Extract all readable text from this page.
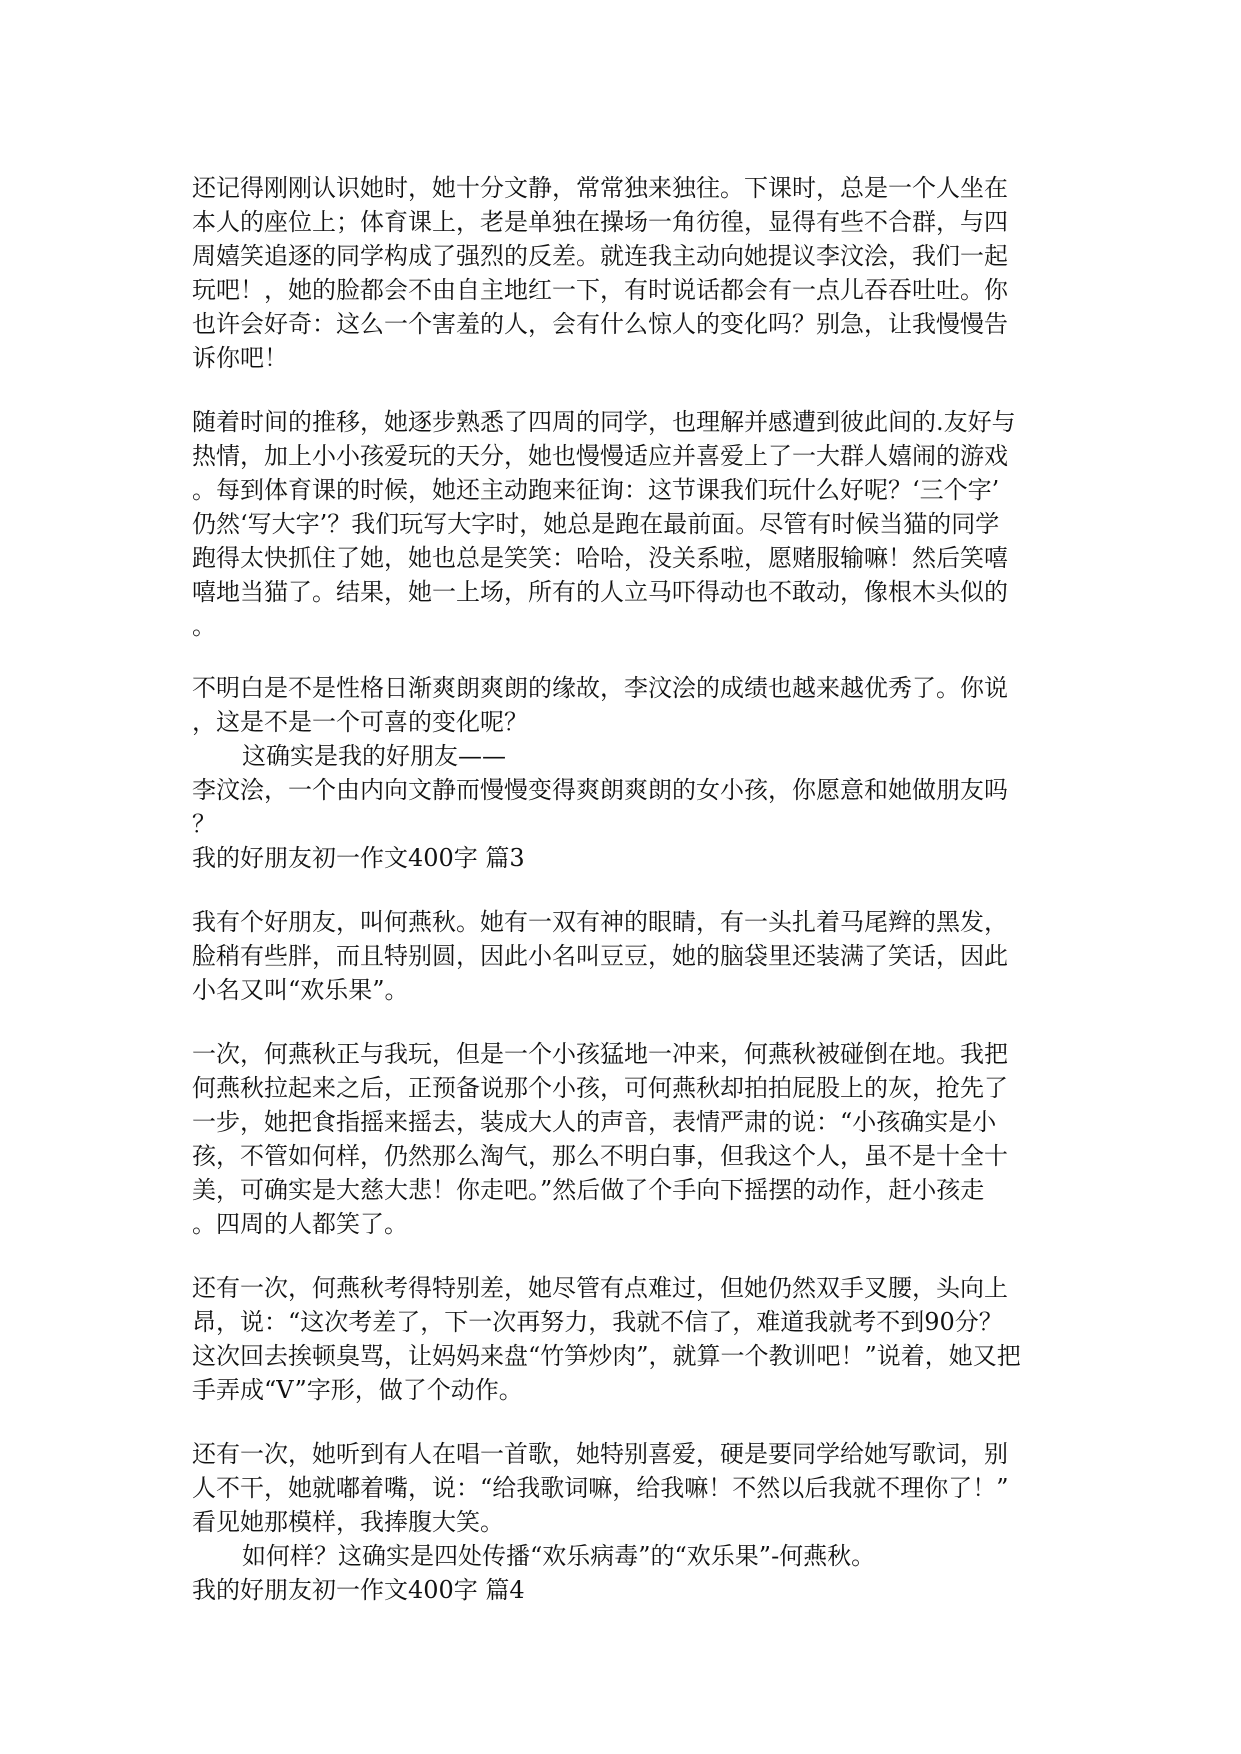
还记得刚刚认识她时，她十分文静，常常独来独往。下课时，总是一个人坐在
本人的座位上；体育课上，老是单独在操场一角彷徨，显得有些不合群，与四
周嬉笑追逐的同学构成了强烈的反差。就连我主动向她提议李汶浍，我们一起
玩吧！，她的脸都会不由自主地红一下，有时说话都会有一点儿吞吞吐吐。你
也许会好奇：这么一个害羞的人，会有什么惊人的变化吗？别急，让我慢慢告
诉你吧！
随着时间的推移，她逐步熟悉了四周的同学，也理解并感遭到彼此间的.友好与
热情，加上小小孩爱玩的天分，她也慢慢适应并喜爱上了一大群人嬉闹的游戏
。每到体育课的时候，她还主动跑来征询：这节课我们玩什么好呢？‘三个字’
仍然‘写大字’？我们玩写大字时，她总是跑在最前面。尽管有时候当猫的同学
跑得太快抓住了她，她也总是笑笑：哈哈，没关系啦，愿赌服输嘛！然后笑嘻
嘻地当猫了。结果，她一上场，所有的人立马吓得动也不敢动，像根木头似的
。
不明白是不是性格日渐爽朗爽朗的缘故，李汶浍的成绩也越来越优秀了。你说
，这是不是一个可喜的变化呢？
这确实是我的好朋友——
李汶浍，一个由内向文静而慢慢变得爽朗爽朗的女小孩，你愿意和她做朋友吗
？
我的好朋友初一作文400字 篇3
我有个好朋友，叫何燕秋。她有一双有神的眼睛，有一头扎着马尾辫的黑发，
脸稍有些胖，而且特别圆，因此小名叫豆豆，她的脑袋里还装满了笑话，因此
小名又叫“欢乐果”。
一次，何燕秋正与我玩，但是一个小孩猛地一冲来，何燕秋被碰倒在地。我把
何燕秋拉起来之后，正预备说那个小孩，可何燕秋却拍拍屁股上的灰，抢先了
一步，她把食指摇来摇去，装成大人的声音，表情严肃的说：“小孩确实是小
孩，不管如何样，仍然那么淘气，那么不明白事，但我这个人，虽不是十全十
美，可确实是大慈大悲！你走吧。”然后做了个手向下摇摆的动作，赶小孩走
。四周的人都笑了。
还有一次，何燕秋考得特别差，她尽管有点难过，但她仍然双手叉腰，头向上
昂，说：“这次考差了，下一次再努力，我就不信了，难道我就考不到90分？
这次回去挨顿臭骂，让妈妈来盘“竹笋炒肉”，就算一个教训吧！”说着，她又把
手弄成“V”字形，做了个动作。
还有一次，她听到有人在唱一首歌，她特别喜爱，硬是要同学给她写歌词，别
人不干，她就嘟着嘴，说：“给我歌词嘛，给我嘛！不然以后我就不理你了！”
看见她那模样，我捧腹大笑。
如何样？这确实是四处传播“欢乐病毒”的“欢乐果”-何燕秋。
我的好朋友初一作文400字 篇4
